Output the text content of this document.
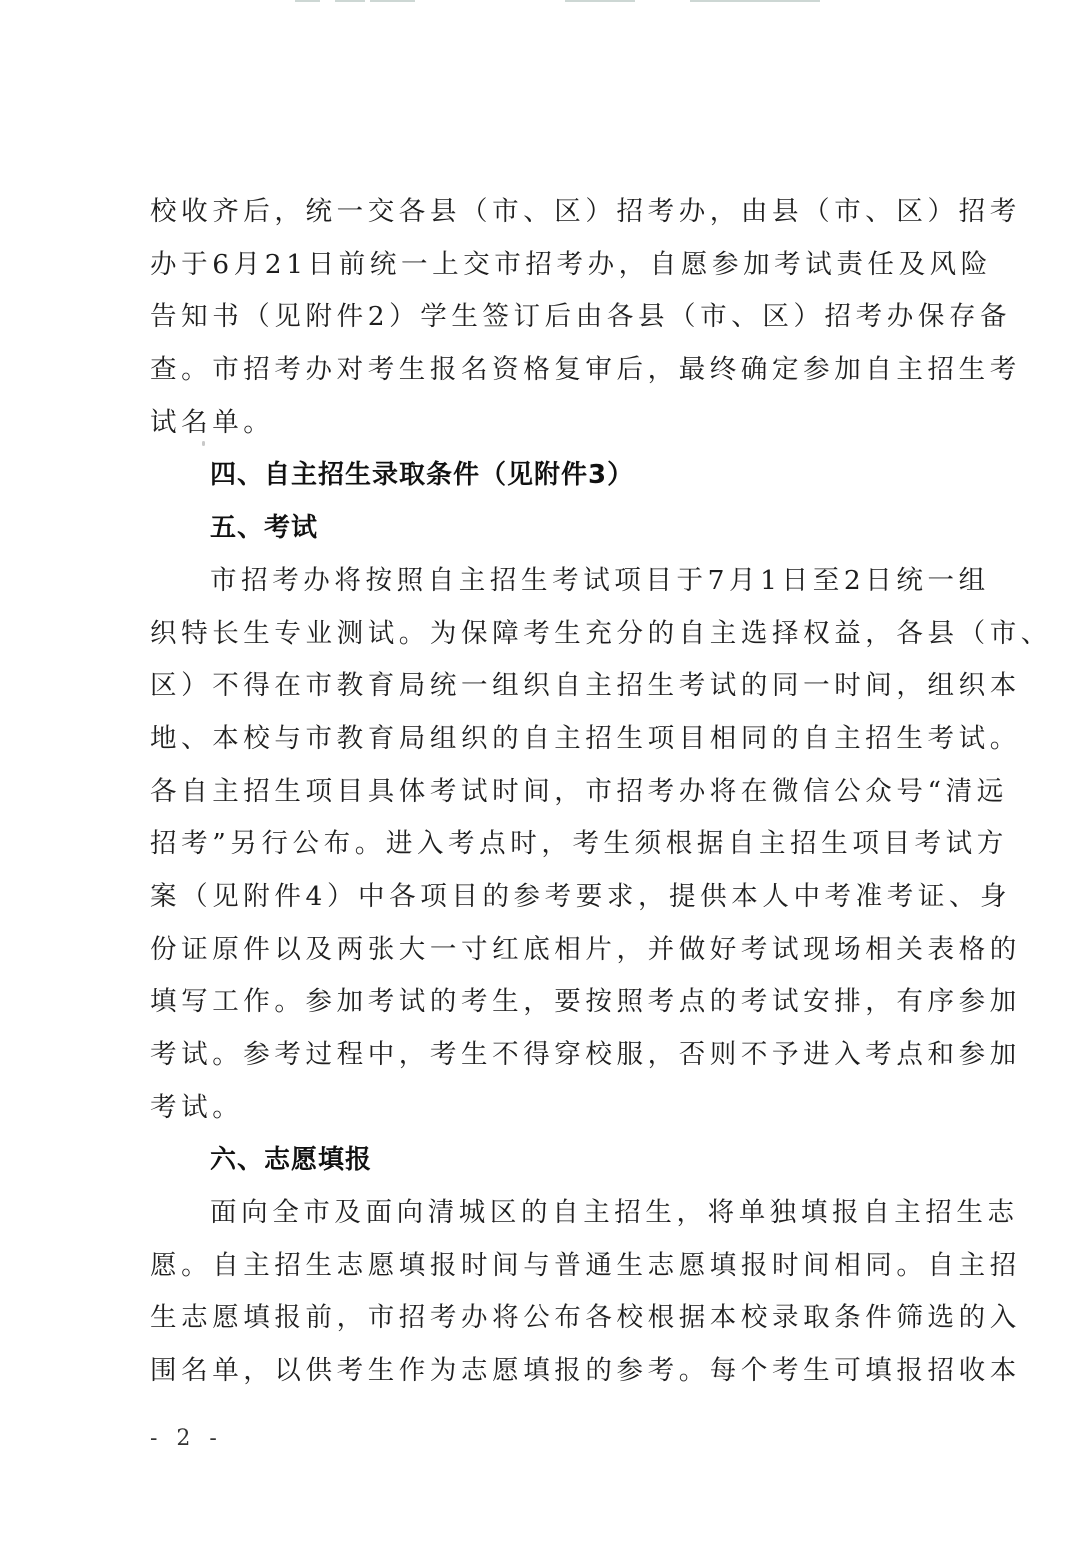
校收齐后，统一交各县（市、区）招考办，由县（市、区）招考
办于6月21日前统一上交市招考办，自愿参加考试责任及风险
告知书（见附件2）学生签订后由各县（市、区）招考办保存备
查。市招考办对考生报名资格复审后，最终确定参加自主招生考
试名单。
四、自主招生录取条件（见附件3）
五、考试
市招考办将按照自主招生考试项目于7月1日至2日统一组
织特长生专业测试。为保障考生充分的自主选择权益，各县（市、
区）不得在市教育局统一组织自主招生考试的同一时间，组织本
地、本校与市教育局组织的自主招生项目相同的自主招生考试。
各自主招生项目具体考试时间，市招考办将在微信公众号“清远
招考”另行公布。进入考点时，考生须根据自主招生项目考试方
案（见附件4）中各项目的参考要求，提供本人中考准考证、身
份证原件以及两张大一寸红底相片，并做好考试现场相关表格的
填写工作。参加考试的考生，要按照考点的考试安排，有序参加
考试。参考过程中，考生不得穿校服，否则不予进入考点和参加
考试。
六、志愿填报
面向全市及面向清城区的自主招生，将单独填报自主招生志
愿。自主招生志愿填报时间与普通生志愿填报时间相同。自主招
生志愿填报前，市招考办将公布各校根据本校录取条件筛选的入
围名单，以供考生作为志愿填报的参考。每个考生可填报招收本
- 2 -
